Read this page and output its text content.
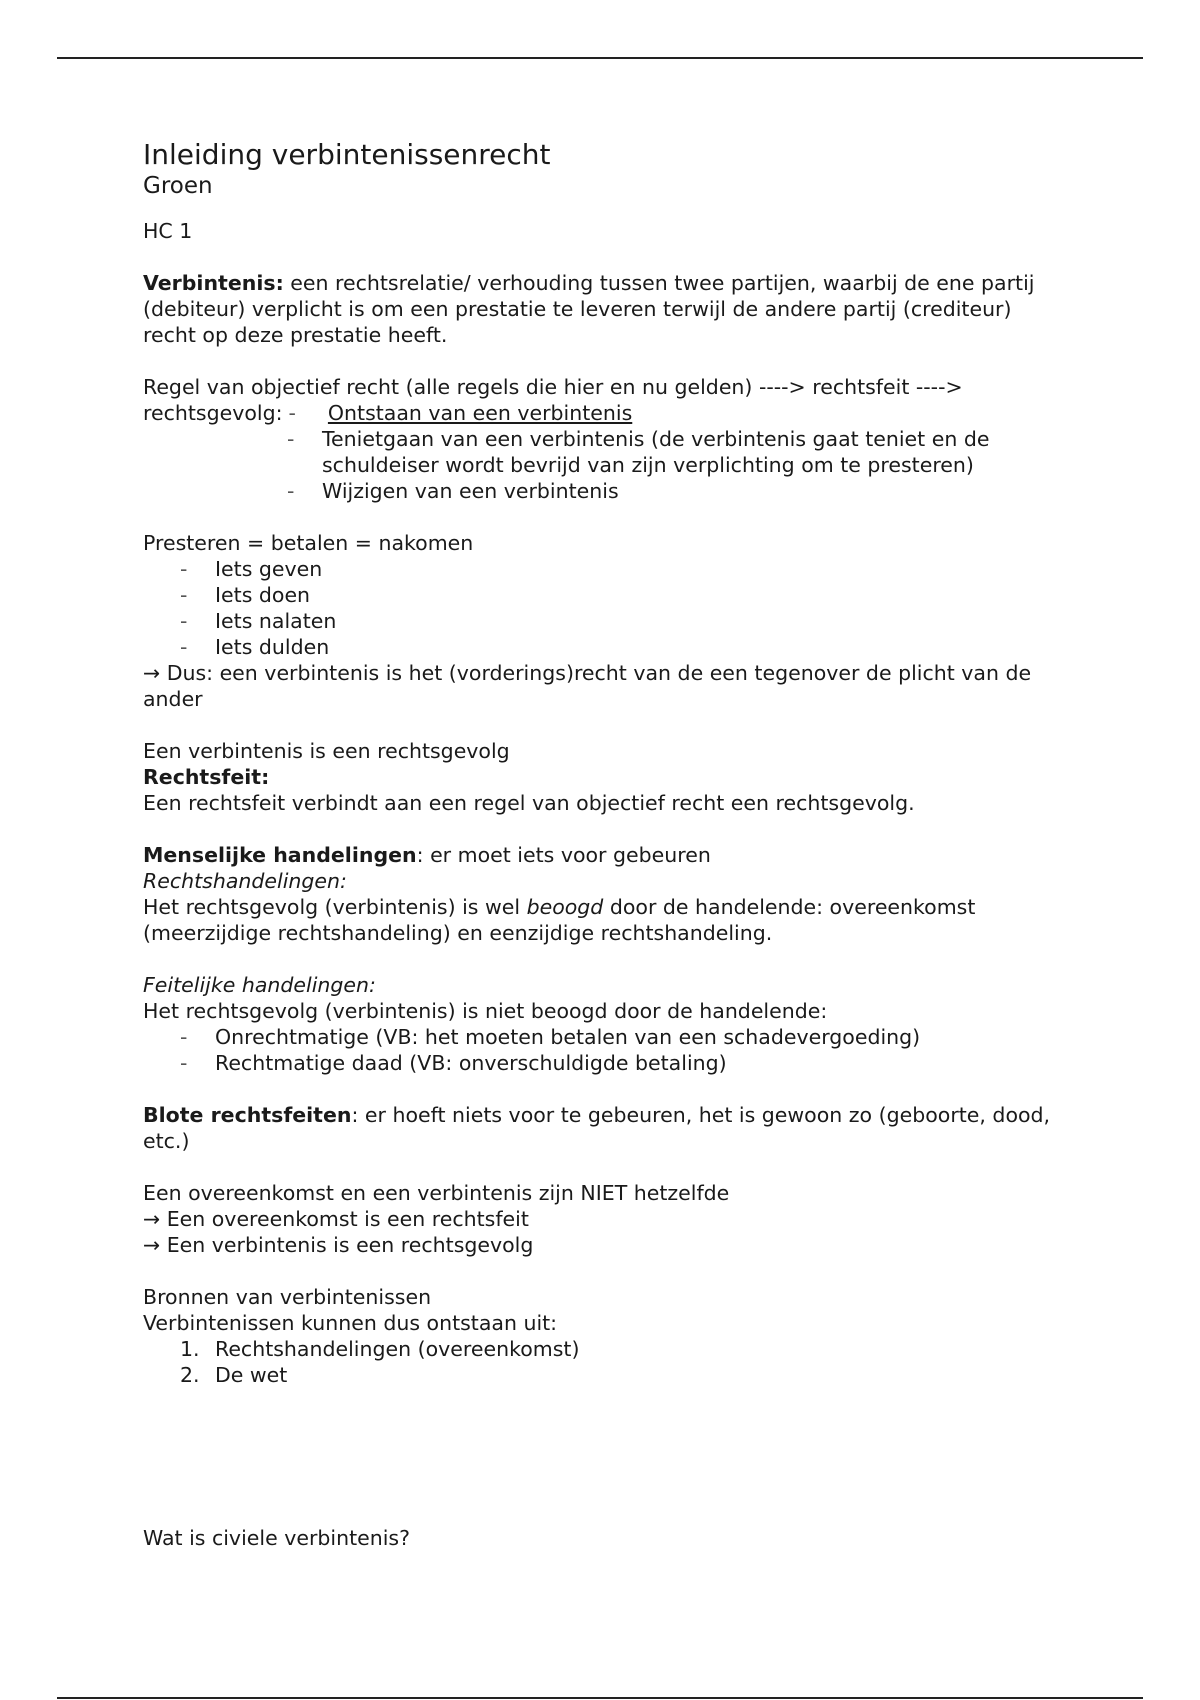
Inleiding verbintenissenrecht
Groen

HC 1

Verbintenis: een rechtsrelatie/ verhouding tussen twee partijen, waarbij de ene partij (debiteur) verplicht is om een prestatie te leveren terwijl de andere partij (crediteur) recht op deze prestatie heeft.

Regel van objectief recht (alle regels die hier en nu gelden) ----> rechtsfeit ---->

rechtsgevolg: - Ontstaan van een verbintenis

- Tenietgaan van een verbintenis (de verbintenis gaat teniet en de schuldeiser wordt bevrijd van zijn verplichting om te presteren)
- Wijzigen van een verbintenis

Presteren = betalen = nakomen

- Iets geven
- Iets doen
- Iets nalaten
- Iets dulden

→ Dus: een verbintenis is het (vorderings)recht van de een tegenover de plicht van de ander

Een verbintenis is een rechtsgevolg

Rechtsfeit:

Een rechtsfeit verbindt aan een regel van objectief recht een rechtsgevolg.

Menselijke handelingen: er moet iets voor gebeuren

Rechtshandelingen:

Het rechtsgevolg (verbintenis) is wel beoogd door de handelende: overeenkomst (meerzijdige rechtshandeling) en eenzijdige rechtshandeling.

Feitelijke handelingen:

Het rechtsgevolg (verbintenis) is niet beoogd door de handelende:

- Onrechtmatige (VB: het moeten betalen van een schadevergoeding)
- Rechtmatige daad (VB: onverschuldigde betaling)

Blote rechtsfeiten: er hoeft niets voor te gebeuren, het is gewoon zo (geboorte, dood, etc.)

Een overeenkomst en een verbintenis zijn NIET hetzelfde

→ Een overeenkomst is een rechtsfeit

→ Een verbintenis is een rechtsgevolg

Bronnen van verbintenissen

Verbintenissen kunnen dus ontstaan uit:

1. Rechtshandelingen (overeenkomst)
2. De wet

Wat is civiele verbintenis?
